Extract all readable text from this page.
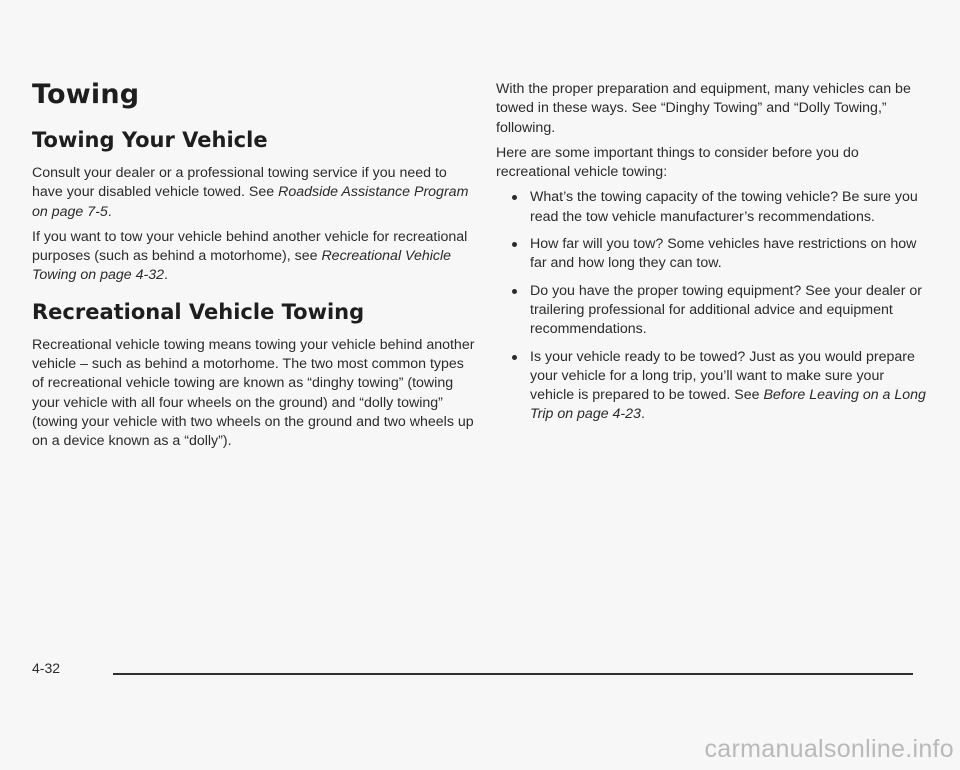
Towing
Towing Your Vehicle

Consult your dealer or a professional towing service if you need to have your disabled vehicle towed. See Roadside Assistance Program on page 7-5.

If you want to tow your vehicle behind another vehicle for recreational purposes (such as behind a motorhome), see Recreational Vehicle Towing on page 4-32.

Recreational Vehicle Towing

Recreational vehicle towing means towing your vehicle behind another vehicle – such as behind a motorhome. The two most common types of recreational vehicle towing are known as “dinghy towing” (towing your vehicle with all four wheels on the ground) and “dolly towing” (towing your vehicle with two wheels on the ground and two wheels up on a device known as a “dolly”).

With the proper preparation and equipment, many vehicles can be towed in these ways. See “Dinghy Towing” and “Dolly Towing,” following.

Here are some important things to consider before you do recreational vehicle towing:

What’s the towing capacity of the towing vehicle? Be sure you read the tow vehicle manufacturer’s recommendations.
How far will you tow? Some vehicles have restrictions on how far and how long they can tow.
Do you have the proper towing equipment? See your dealer or trailering professional for additional advice and equipment recommendations.
Is your vehicle ready to be towed? Just as you would prepare your vehicle for a long trip, you’ll want to make sure your vehicle is prepared to be towed. See Before Leaving on a Long Trip on page 4-23.
4-32
carmanualsonline.info
